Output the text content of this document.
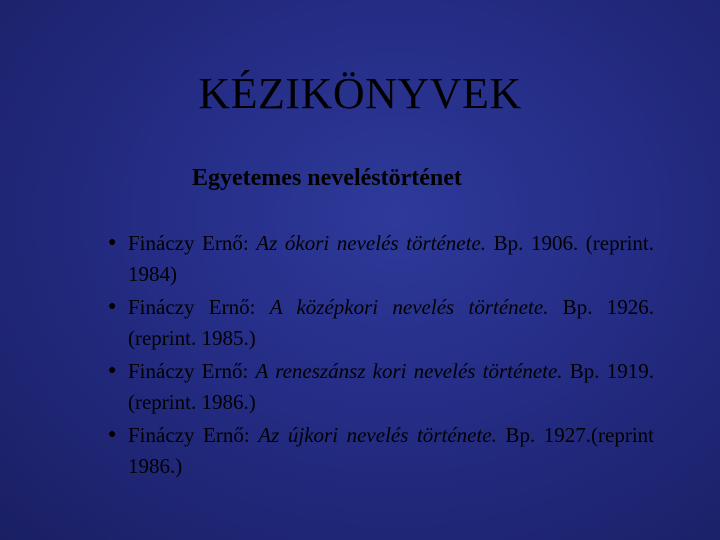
KÉZIKÖNYVEK
Egyetemes neveléstörténet
● Fináczy Ernő: Az ókori nevelés története. Bp. 1906. (reprint. 1984)
● Fináczy Ernő: A középkori nevelés története. Bp. 1926. (reprint. 1985.)
● Fináczy Ernő: A reneszánsz kori nevelés története. Bp. 1919. (reprint. 1986.)
● Fináczy Ernő: Az újkori nevelés története. Bp. 1927.(reprint 1986.)
